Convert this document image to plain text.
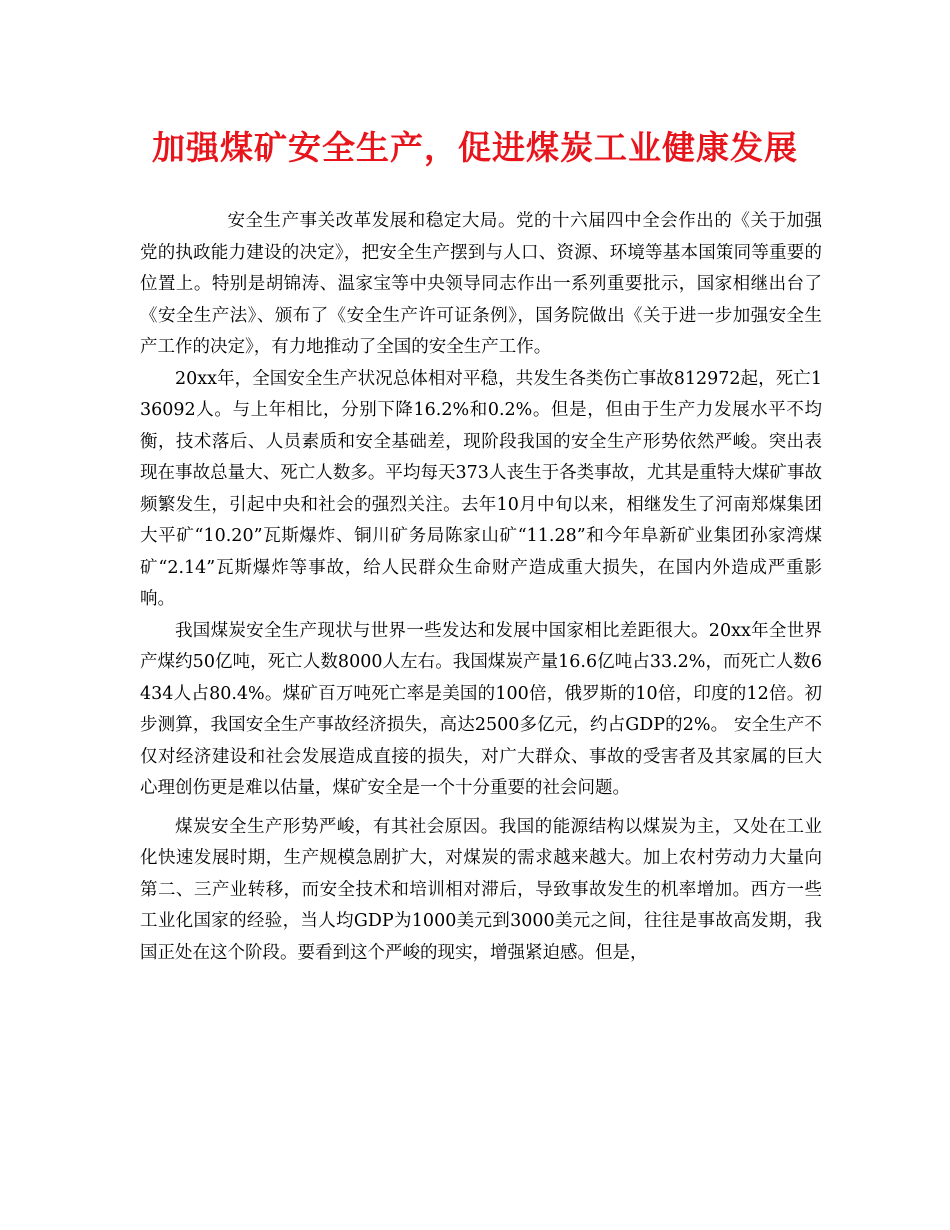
加强煤矿安全生产，促进煤炭工业健康发展

安全生产事关改革发展和稳定大局。党的十六届四中全会作出的《关于加强党的执政能力建设的决定》，把安全生产摆到与人口、资源、环境等基本国策同等重要的位置上。特别是胡锦涛、温家宝等中央领导同志作出一系列重要批示，国家相继出台了《安全生产法》、颁布了《安全生产许可证条例》，国务院做出《关于进一步加强安全生产工作的决定》，有力地推动了全国的安全生产工作。

20xx年，全国安全生产状况总体相对平稳，共发生各类伤亡事故812972起，死亡136092人。与上年相比，分别下降16.2%和0.2%。但是，但由于生产力发展水平不均衡，技术落后、人员素质和安全基础差，现阶段我国的安全生产形势依然严峻。突出表现在事故总量大、死亡人数多。平均每天373人丧生于各类事故，尤其是重特大煤矿事故频繁发生，引起中央和社会的强烈关注。去年10月中旬以来，相继发生了河南郑煤集团大平矿“10.20”瓦斯爆炸、铜川矿务局陈家山矿“11.28”和今年阜新矿业集团孙家湾煤矿“2.14”瓦斯爆炸等事故，给人民群众生命财产造成重大损失，在国内外造成严重影响。

我国煤炭安全生产现状与世界一些发达和发展中国家相比差距很大。20xx年全世界产煤约50亿吨，死亡人数8000人左右。我国煤炭产量16.6亿吨占33.2%，而死亡人数6434人占80.4%。煤矿百万吨死亡率是美国的100倍，俄罗斯的10倍，印度的12倍。初步测算，我国安全生产事故经济损失，高达2500多亿元，约占GDP的2%。 安全生产不仅对经济建设和社会发展造成直接的损失，对广大群众、事故的受害者及其家属的巨大心理创伤更是难以估量，煤矿安全是一个十分重要的社会问题。

煤炭安全生产形势严峻，有其社会原因。我国的能源结构以煤炭为主，又处在工业化快速发展时期，生产规模急剧扩大，对煤炭的需求越来越大。加上农村劳动力大量向第二、三产业转移，而安全技术和培训相对滞后，导致事故发生的机率增加。西方一些工业化国家的经验，当人均GDP为1000美元到3000美元之间，往往是事故高发期，我国正处在这个阶段。要看到这个严峻的现实，增强紧迫感。但是，
